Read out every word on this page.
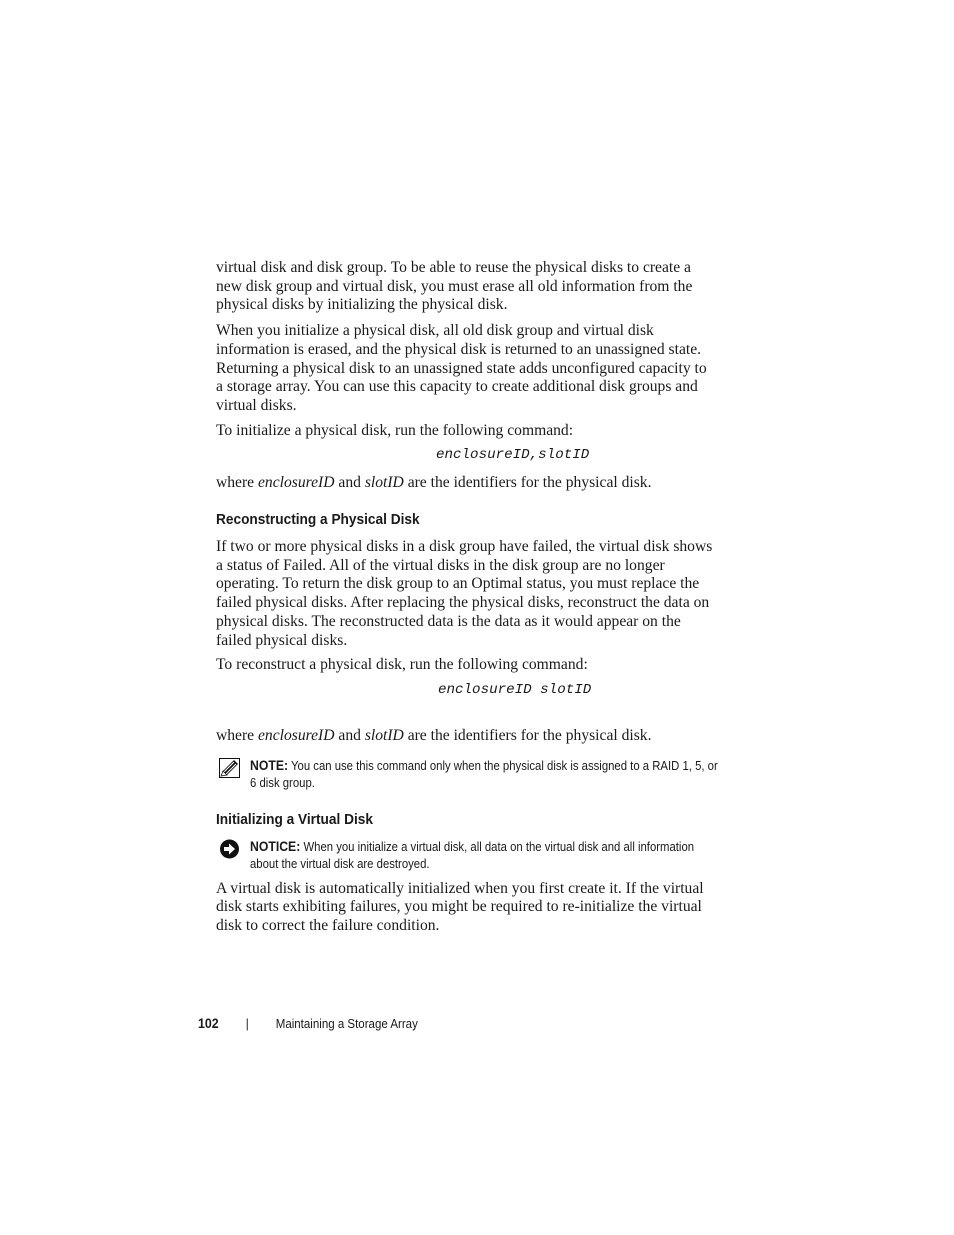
virtual disk and disk group. To be able to reuse the physical disks to create a new disk group and virtual disk, you must erase all old information from the physical disks by initializing the physical disk.

When you initialize a physical disk, all old disk group and virtual disk information is erased, and the physical disk is returned to an unassigned state. Returning a physical disk to an unassigned state adds unconfigured capacity to a storage array. You can use this capacity to create additional disk groups and virtual disks.

To initialize a physical disk, run the following command:

enclosureID,slotID

where enclosureID and slotID are the identifiers for the physical disk.

Reconstructing a Physical Disk

If two or more physical disks in a disk group have failed, the virtual disk shows a status of Failed. All of the virtual disks in the disk group are no longer operating. To return the disk group to an Optimal status, you must replace the failed physical disks. After replacing the physical disks, reconstruct the data on physical disks. The reconstructed data is the data as it would appear on the failed physical disks.

To reconstruct a physical disk, run the following command:

enclosureID slotID

where enclosureID and slotID are the identifiers for the physical disk.

NOTE: You can use this command only when the physical disk is assigned to a RAID 1, 5, or 6 disk group.

Initializing a Virtual Disk

NOTICE: When you initialize a virtual disk, all data on the virtual disk and all information about the virtual disk are destroyed.

A virtual disk is automatically initialized when you first create it. If the virtual disk starts exhibiting failures, you might be required to re-initialize the virtual disk to correct the failure condition.

102 | Maintaining a Storage Array
